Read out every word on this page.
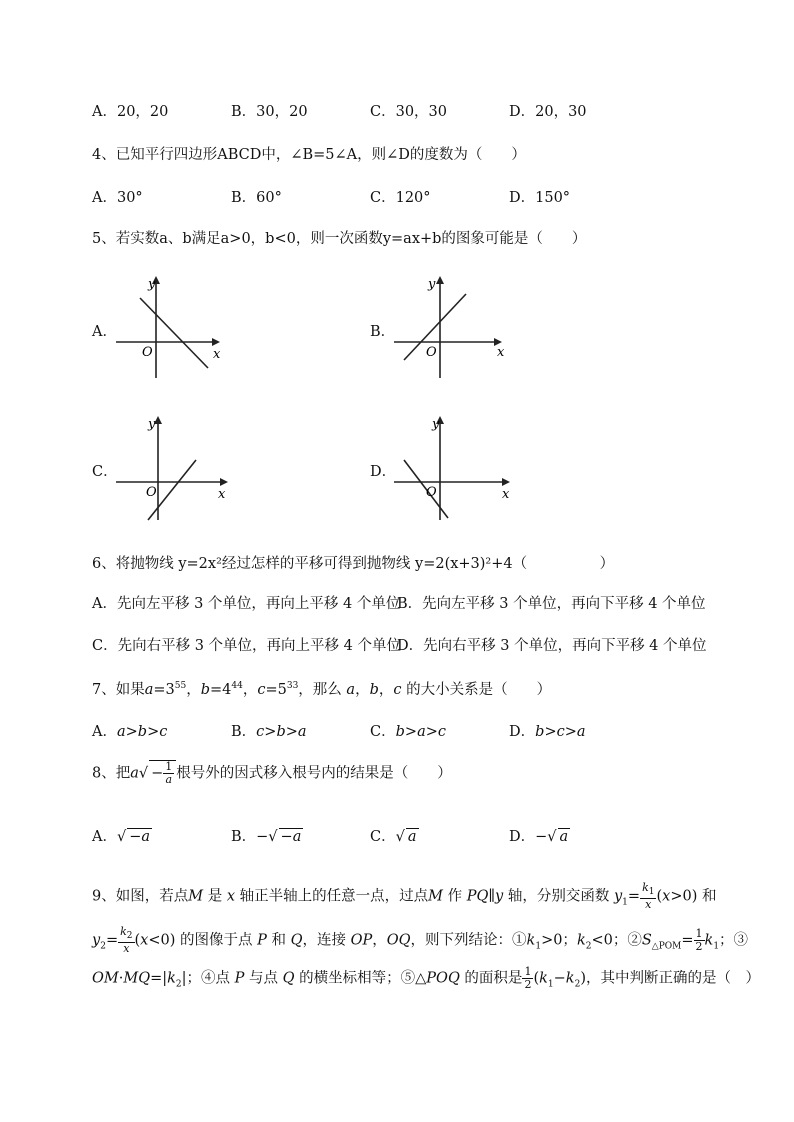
A．20，20	B．30，20	C．30，30	D．20，30
4、已知平行四边形ABCD中，∠B=5∠A，则∠D的度数为（　　）
A．30°	B．60°	C．120°	D．150°
5、若实数a、b满足a>0，b<0，则一次函数y=ax+b的图象可能是（　　）
A．
y
x
O
B．
y
x
O
C．
y
x
O
D．
y
x
O
6、将抛物线 y=2x²经过怎样的平移可得到抛物线 y=2(x+3)²+4（　　　　　）
A．先向左平移 3 个单位，再向上平移 4 个单位
B．先向左平移 3 个单位，再向下平移 4 个单位
C．先向右平移 3 个单位，再向上平移 4 个单位
D．先向右平移 3 个单位，再向下平移 4 个单位
7、如果$a=3^{55}$，$b=4^{44}$，$c=5^{33}$，那么 a，b，c 的大小关系是（　　）
A．a>b>c	B．c>b>a	C．b>a>c	D．b>c>a
8、把$a√ - \frac{1}{a}$ 根号外的因式移入根号内的结果是（　　）
A．√ −a	B．−√ −a	C．√ a	D．−√ a
9、如图，若点M 是 x 轴正半轴上的任意一点，过点M 作 PQ∥y 轴，分别交函数 $y_1= \frac{k_1}{x} (x>0)$ 和
$y_2= \frac{k_2}{x} (x<0)$ 的图像于点 P 和 Q，连接 OP，OQ，则下列结论：$①k_1>0$；$k_2<0$；$②S_{\triangle POM}= \frac{1}{2} k_1$；③
$OM\cdot MQ=|k_2|$；④点 P 与点 Q 的横坐标相等；⑤△POQ 的面积是 $\frac{1}{2} (k_1-k_2)$，其中判断正确的是（　）
